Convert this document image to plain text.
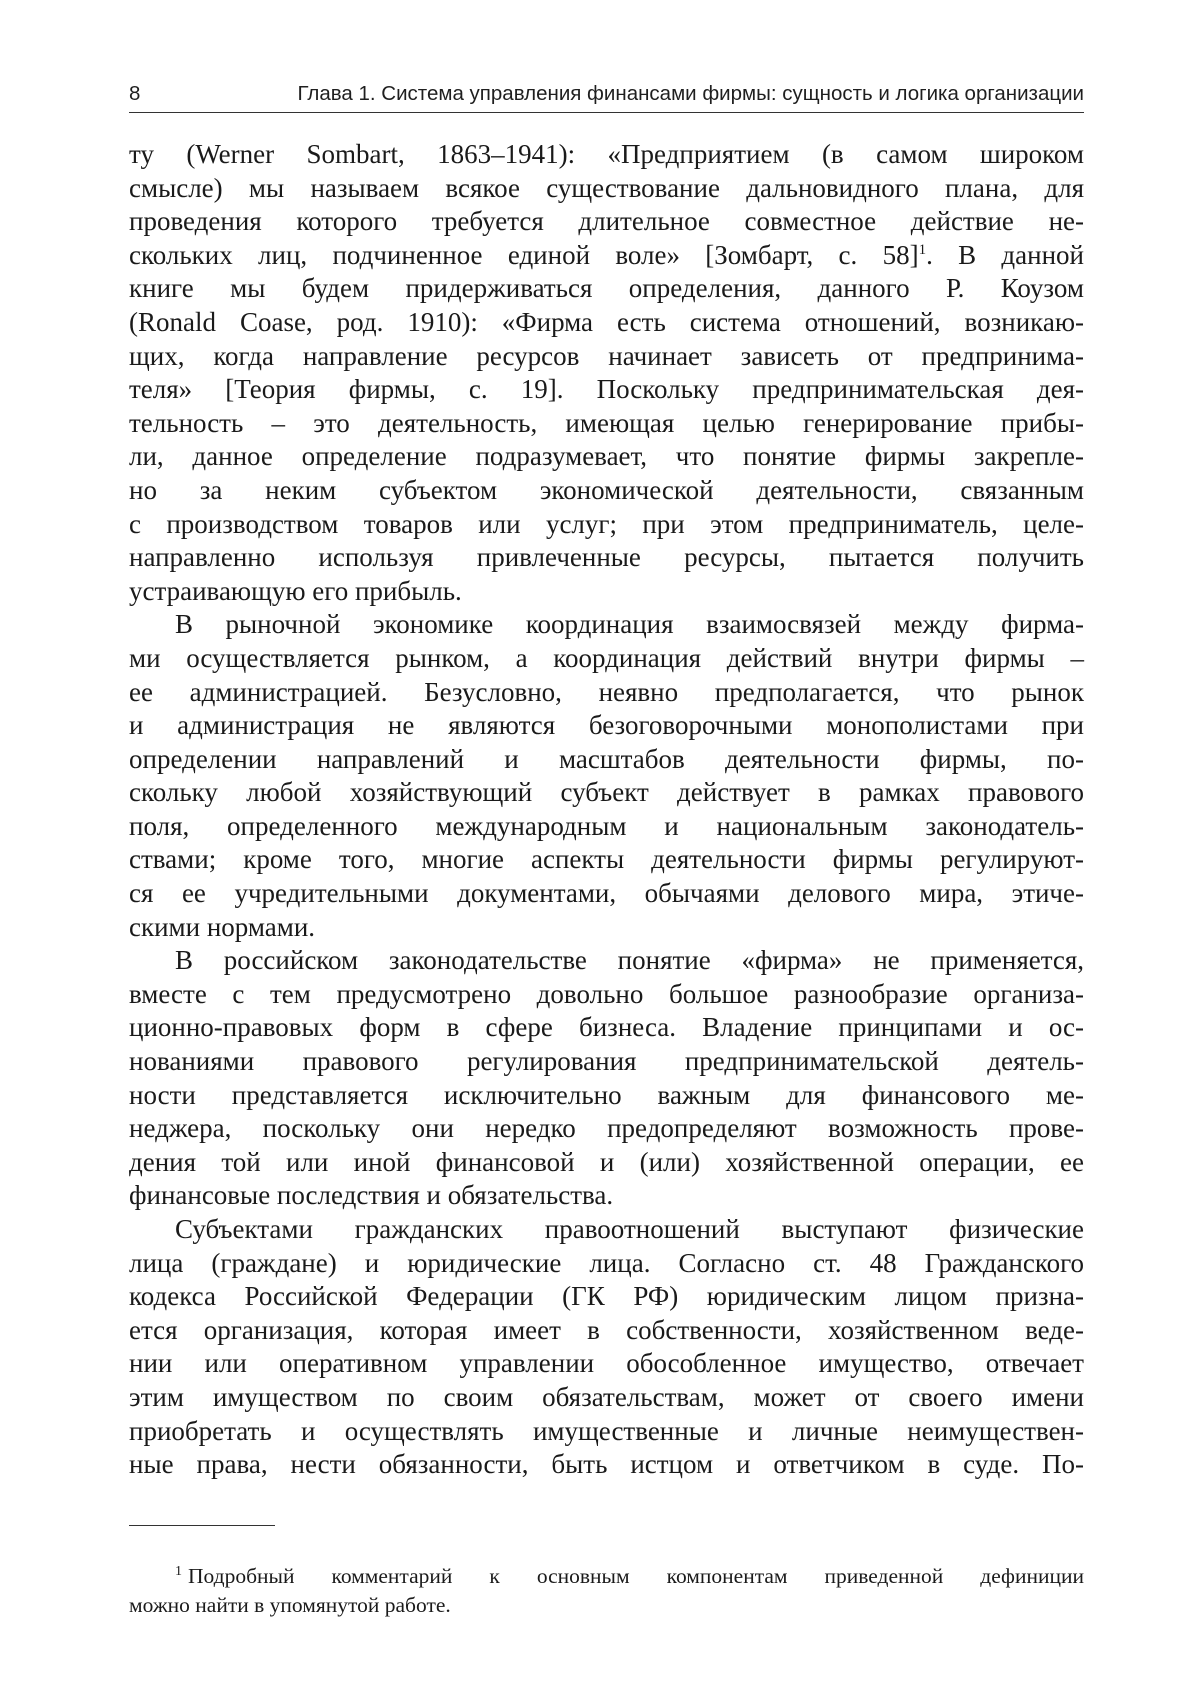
8	Глава 1. Система управления финансами фирмы: сущность и логика организации

ту (Werner Sombart, 1863–1941): «Предприятием (в самом широком
смысле) мы называем всякое существование дальновидного плана, для
проведения которого требуется длительное совместное действие не-
скольких лиц, подчиненное единой воле» [Зомбарт, с. 58]$^1$. В данной
книге мы будем придерживаться определения, данного Р. Коузом
(Ronald Coase, род. 1910): «Фирма есть система отношений, возникаю-
щих, когда направление ресурсов начинает зависеть от предпринима-
теля» [Теория фирмы, с. 19]. Поскольку предпринимательская дея-
тельность – это деятельность, имеющая целью генерирование прибы-
ли, данное определение подразумевает, что понятие фирмы закрепле-
но за неким субъектом экономической деятельности, связанным
с производством товаров или услуг; при этом предприниматель, целе-
направленно используя привлеченные ресурсы, пытается получить
устраивающую его прибыль.

В рыночной экономике координация взаимосвязей между фирма-
ми осуществляется рынком, а координация действий внутри фирмы –
ее администрацией. Безусловно, неявно предполагается, что рынок
и администрация не являются безоговорочными монополистами при
определении направлений и масштабов деятельности фирмы, по-
скольку любой хозяйствующий субъект действует в рамках правового
поля, определенного международным и национальным законодатель-
ствами; кроме того, многие аспекты деятельности фирмы регулируют-
ся ее учредительными документами, обычаями делового мира, этиче-
скими нормами.

В российском законодательстве понятие «фирма» не применяется,
вместе с тем предусмотрено довольно большое разнообразие организа-
ционно-правовых форм в сфере бизнеса. Владение принципами и ос-
нованиями правового регулирования предпринимательской деятель-
ности представляется исключительно важным для финансового ме-
неджера, поскольку они нередко предопределяют возможность прове-
дения той или иной финансовой и (или) хозяйственной операции, ее
финансовые последствия и обязательства.

Субъектами гражданских правоотношений выступают физические
лица (граждане) и юридические лица. Согласно ст. 48 Гражданского
кодекса Российской Федерации (ГК РФ) юридическим лицом призна-
ется организация, которая имеет в собственности, хозяйственном веде-
нии или оперативном управлении обособленное имущество, отвечает
этим имуществом по своим обязательствам, может от своего имени
приобретать и осуществлять имущественные и личные неимуществен-
ные права, нести обязанности, быть истцом и ответчиком в суде. По-

$^1$ Подробный комментарий к основным компонентам приведенной дефиниции
можно найти в упомянутой работе.
